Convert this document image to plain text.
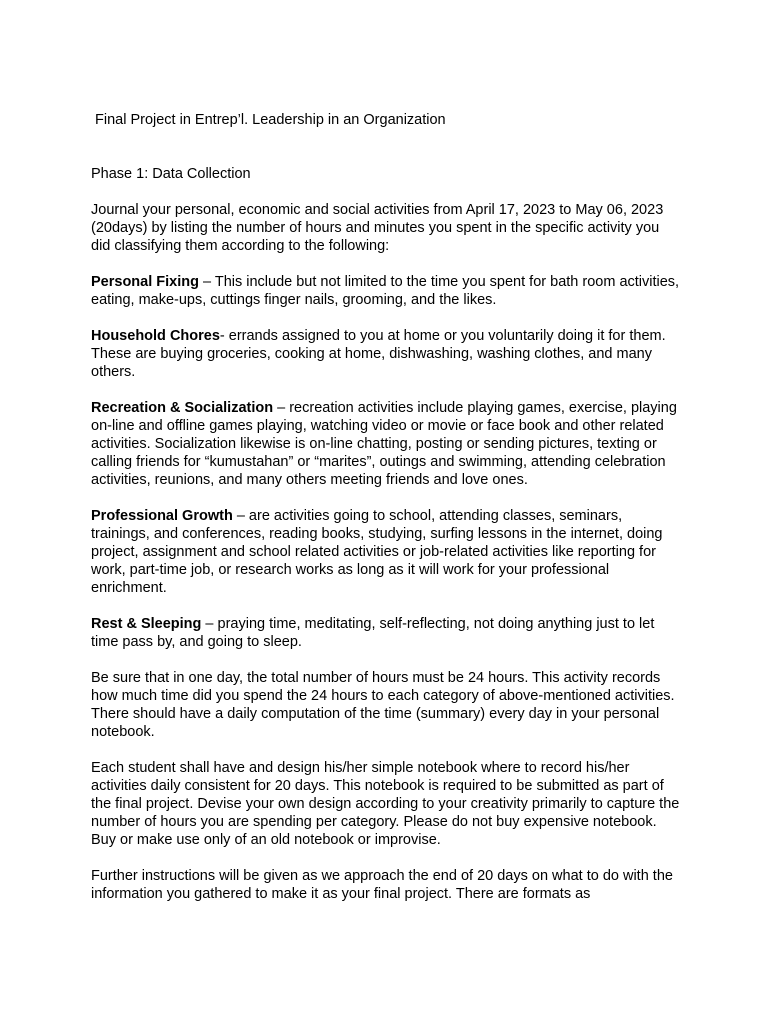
Final Project in Entrep’l. Leadership in an Organization
Phase 1: Data Collection

Journal your personal, economic and social activities from April 17, 2023 to May 06, 2023 (20days) by listing the number of hours and minutes you spent in the specific activity you did classifying them according to the following:

Personal Fixing – This include but not limited to the time you spent for bath room activities, eating, make-ups, cuttings finger nails, grooming, and the likes.

Household Chores- errands assigned to you at home or you voluntarily doing it for them. These are buying groceries, cooking at home, dishwashing, washing clothes, and many others.

Recreation & Socialization – recreation activities include playing games, exercise, playing on-line and offline games playing, watching video or movie or face book and other related activities. Socialization likewise is on-line chatting, posting or sending pictures, texting or calling friends for “kumustahan” or “marites”, outings and swimming, attending celebration activities, reunions, and many others meeting friends and love ones.

Professional Growth – are activities going to school, attending classes, seminars, trainings, and conferences, reading books, studying, surfing lessons in the internet, doing project, assignment and school related activities or job-related activities like reporting for work, part-time job, or research works as long as it will work for your professional enrichment.

Rest & Sleeping – praying time, meditating, self-reflecting, not doing anything just to let time pass by, and going to sleep.

Be sure that in one day, the total number of hours must be 24 hours. This activity records how much time did you spend the 24 hours to each category of above-mentioned activities. There should have a daily computation of the time (summary) every day in your personal notebook.

Each student shall have and design his/her simple notebook where to record his/her activities daily consistent for 20 days. This notebook is required to be submitted as part of the final project. Devise your own design according to your creativity primarily to capture the number of hours you are spending per category. Please do not buy expensive notebook. Buy or make use only of an old notebook or improvise.

Further instructions will be given as we approach the end of 20 days on what to do with the information you gathered to make it as your final project. There are formats as
